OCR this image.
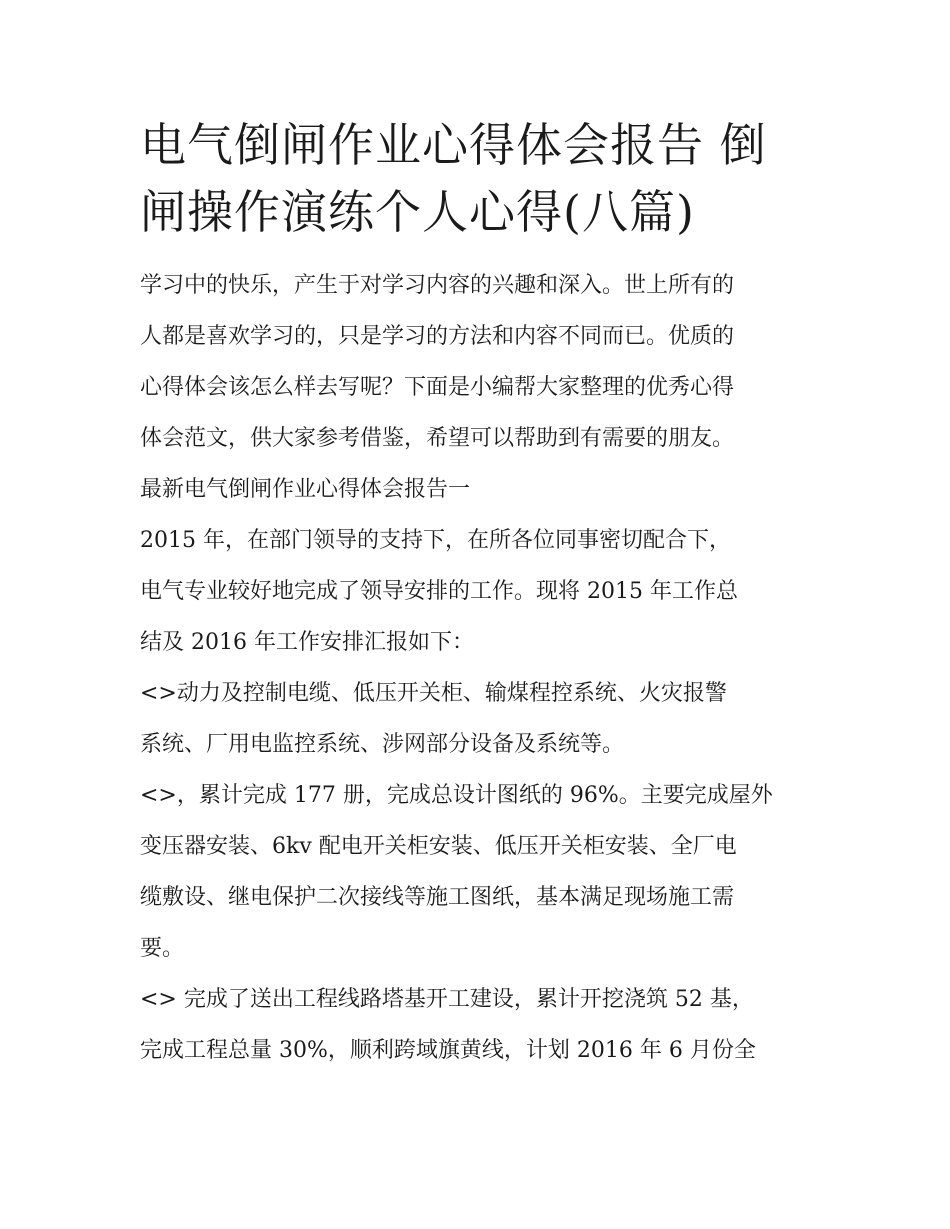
电气倒闸作业心得体会报告 倒
闸操作演练个人心得(八篇)

学习中的快乐，产生于对学习内容的兴趣和深入。世上所有的
人都是喜欢学习的，只是学习的方法和内容不同而已。优质的
心得体会该怎么样去写呢？下面是小编帮大家整理的优秀心得
体会范文，供大家参考借鉴，希望可以帮助到有需要的朋友。

最新电气倒闸作业心得体会报告一

2015 年，在部门领导的支持下，在所各位同事密切配合下，
电气专业较好地完成了领导安排的工作。现将 2015 年工作总
结及 2016 年工作安排汇报如下：

<>动力及控制电缆、低压开关柜、输煤程控系统、火灾报警
系统、厂用电监控系统、涉网部分设备及系统等。

<>，累计完成 177 册，完成总设计图纸的 96%。主要完成屋外
变压器安装、6kv 配电开关柜安装、低压开关柜安装、全厂电
缆敷设、继电保护二次接线等施工图纸，基本满足现场施工需
要。

<> 完成了送出工程线路塔基开工建设，累计开挖浇筑 52 基，
完成工程总量 30%，顺利跨域旗黄线，计划 2016 年 6 月份全
